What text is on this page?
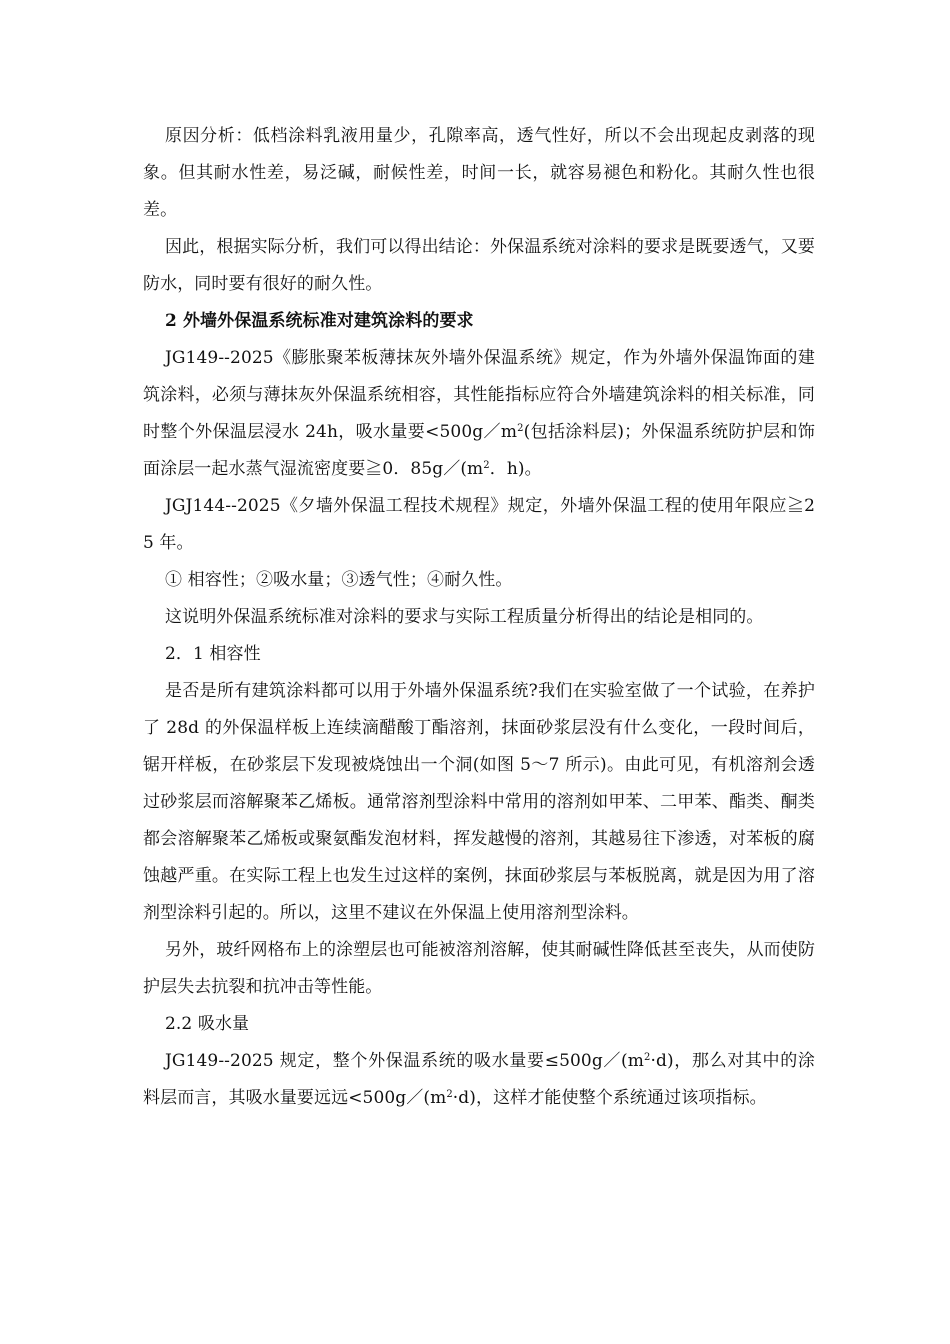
原因分析：低档涂料乳液用量少，孔隙率高，透气性好，所以不会出现起皮剥落的现象。但其耐水性差，易泛碱，耐候性差，时间一长，就容易褪色和粉化。其耐久性也很差。

因此，根据实际分析，我们可以得出结论：外保温系统对涂料的要求是既要透气，又要防水，同时要有很好的耐久性。

2 外墙外保温系统标准对建筑涂料的要求

JG149--2025《膨胀聚苯板薄抹灰外墙外保温系统》规定，作为外墙外保温饰面的建筑涂料，必须与薄抹灰外保温系统相容，其性能指标应符合外墙建筑涂料的相关标准，同时整个外保温层浸水 24h，吸水量要$<500g/m^2$(包括涂料层)；外保温系统防护层和饰面涂层一起水蒸气湿流密度要≧0．$85g/(m^2$．h)。

JGJ144--2025《夕墙外保温工程技术规程》规定，外墙外保温工程的使用年限应≧25 年。

① 相容性；②吸水量；③透气性；④耐久性。

这说明外保温系统标准对涂料的要求与实际工程质量分析得出的结论是相同的。

2．1 相容性

是否是所有建筑涂料都可以用于外墙外保温系统?我们在实验室做了一个试验，在养护了 28d 的外保温样板上连续滴醋酸丁酯溶剂，抹面砂浆层没有什么变化，一段时间后，锯开样板，在砂浆层下发现被烧蚀出一个洞(如图 5～7 所示)。由此可见，有机溶剂会透过砂浆层而溶解聚苯乙烯板。通常溶剂型涂料中常用的溶剂如甲苯、二甲苯、酯类、酮类都会溶解聚苯乙烯板或聚氨酯发泡材料，挥发越慢的溶剂，其越易往下渗透，对苯板的腐蚀越严重。在实际工程上也发生过这样的案例，抹面砂浆层与苯板脱离，就是因为用了溶剂型涂料引起的。所以，这里不建议在外保温上使用溶剂型涂料。

另外，玻纤网格布上的涂塑层也可能被溶剂溶解，使其耐碱性降低甚至丧失，从而使防护层失去抗裂和抗冲击等性能。

2.2 吸水量

JG149--2025 规定，整个外保温系统的吸水量要$\le 500g/(m^2\cdot d)$，那么对其中的涂料层而言，其吸水量要远远$<500g/(m^2\cdot d)$，这样才能使整个系统通过该项指标。
